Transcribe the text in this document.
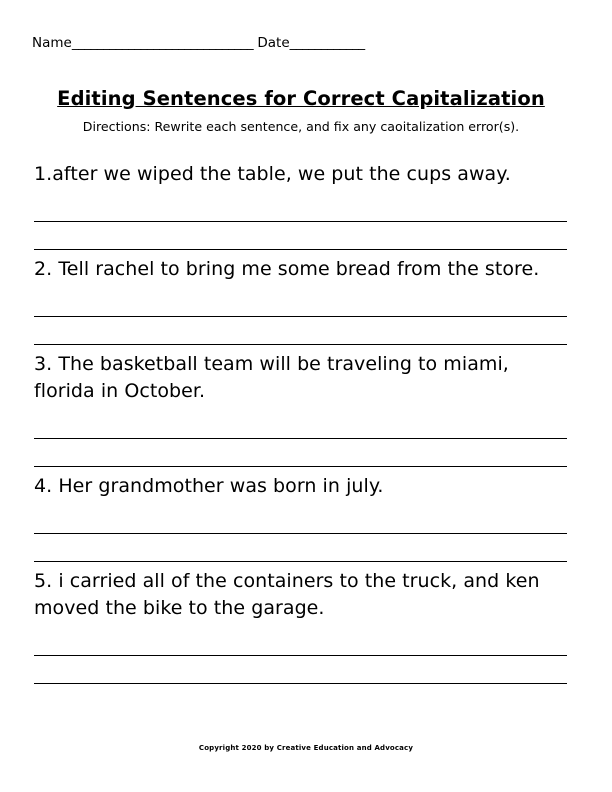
Name_____________________________ Date____________
Editing Sentences for Correct Capitalization
Directions: Rewrite each sentence, and fix any caoitalization error(s).
1.after we wiped the table, we put the cups away.
2. Tell rachel to bring me some bread from the store.
3. The basketball team will be traveling to miami, florida in October.
4. Her grandmother was born in july.
5. i carried all of the containers to the truck, and ken moved the bike to the garage.
Copyright 2020 by Creative Education and Advocacy
